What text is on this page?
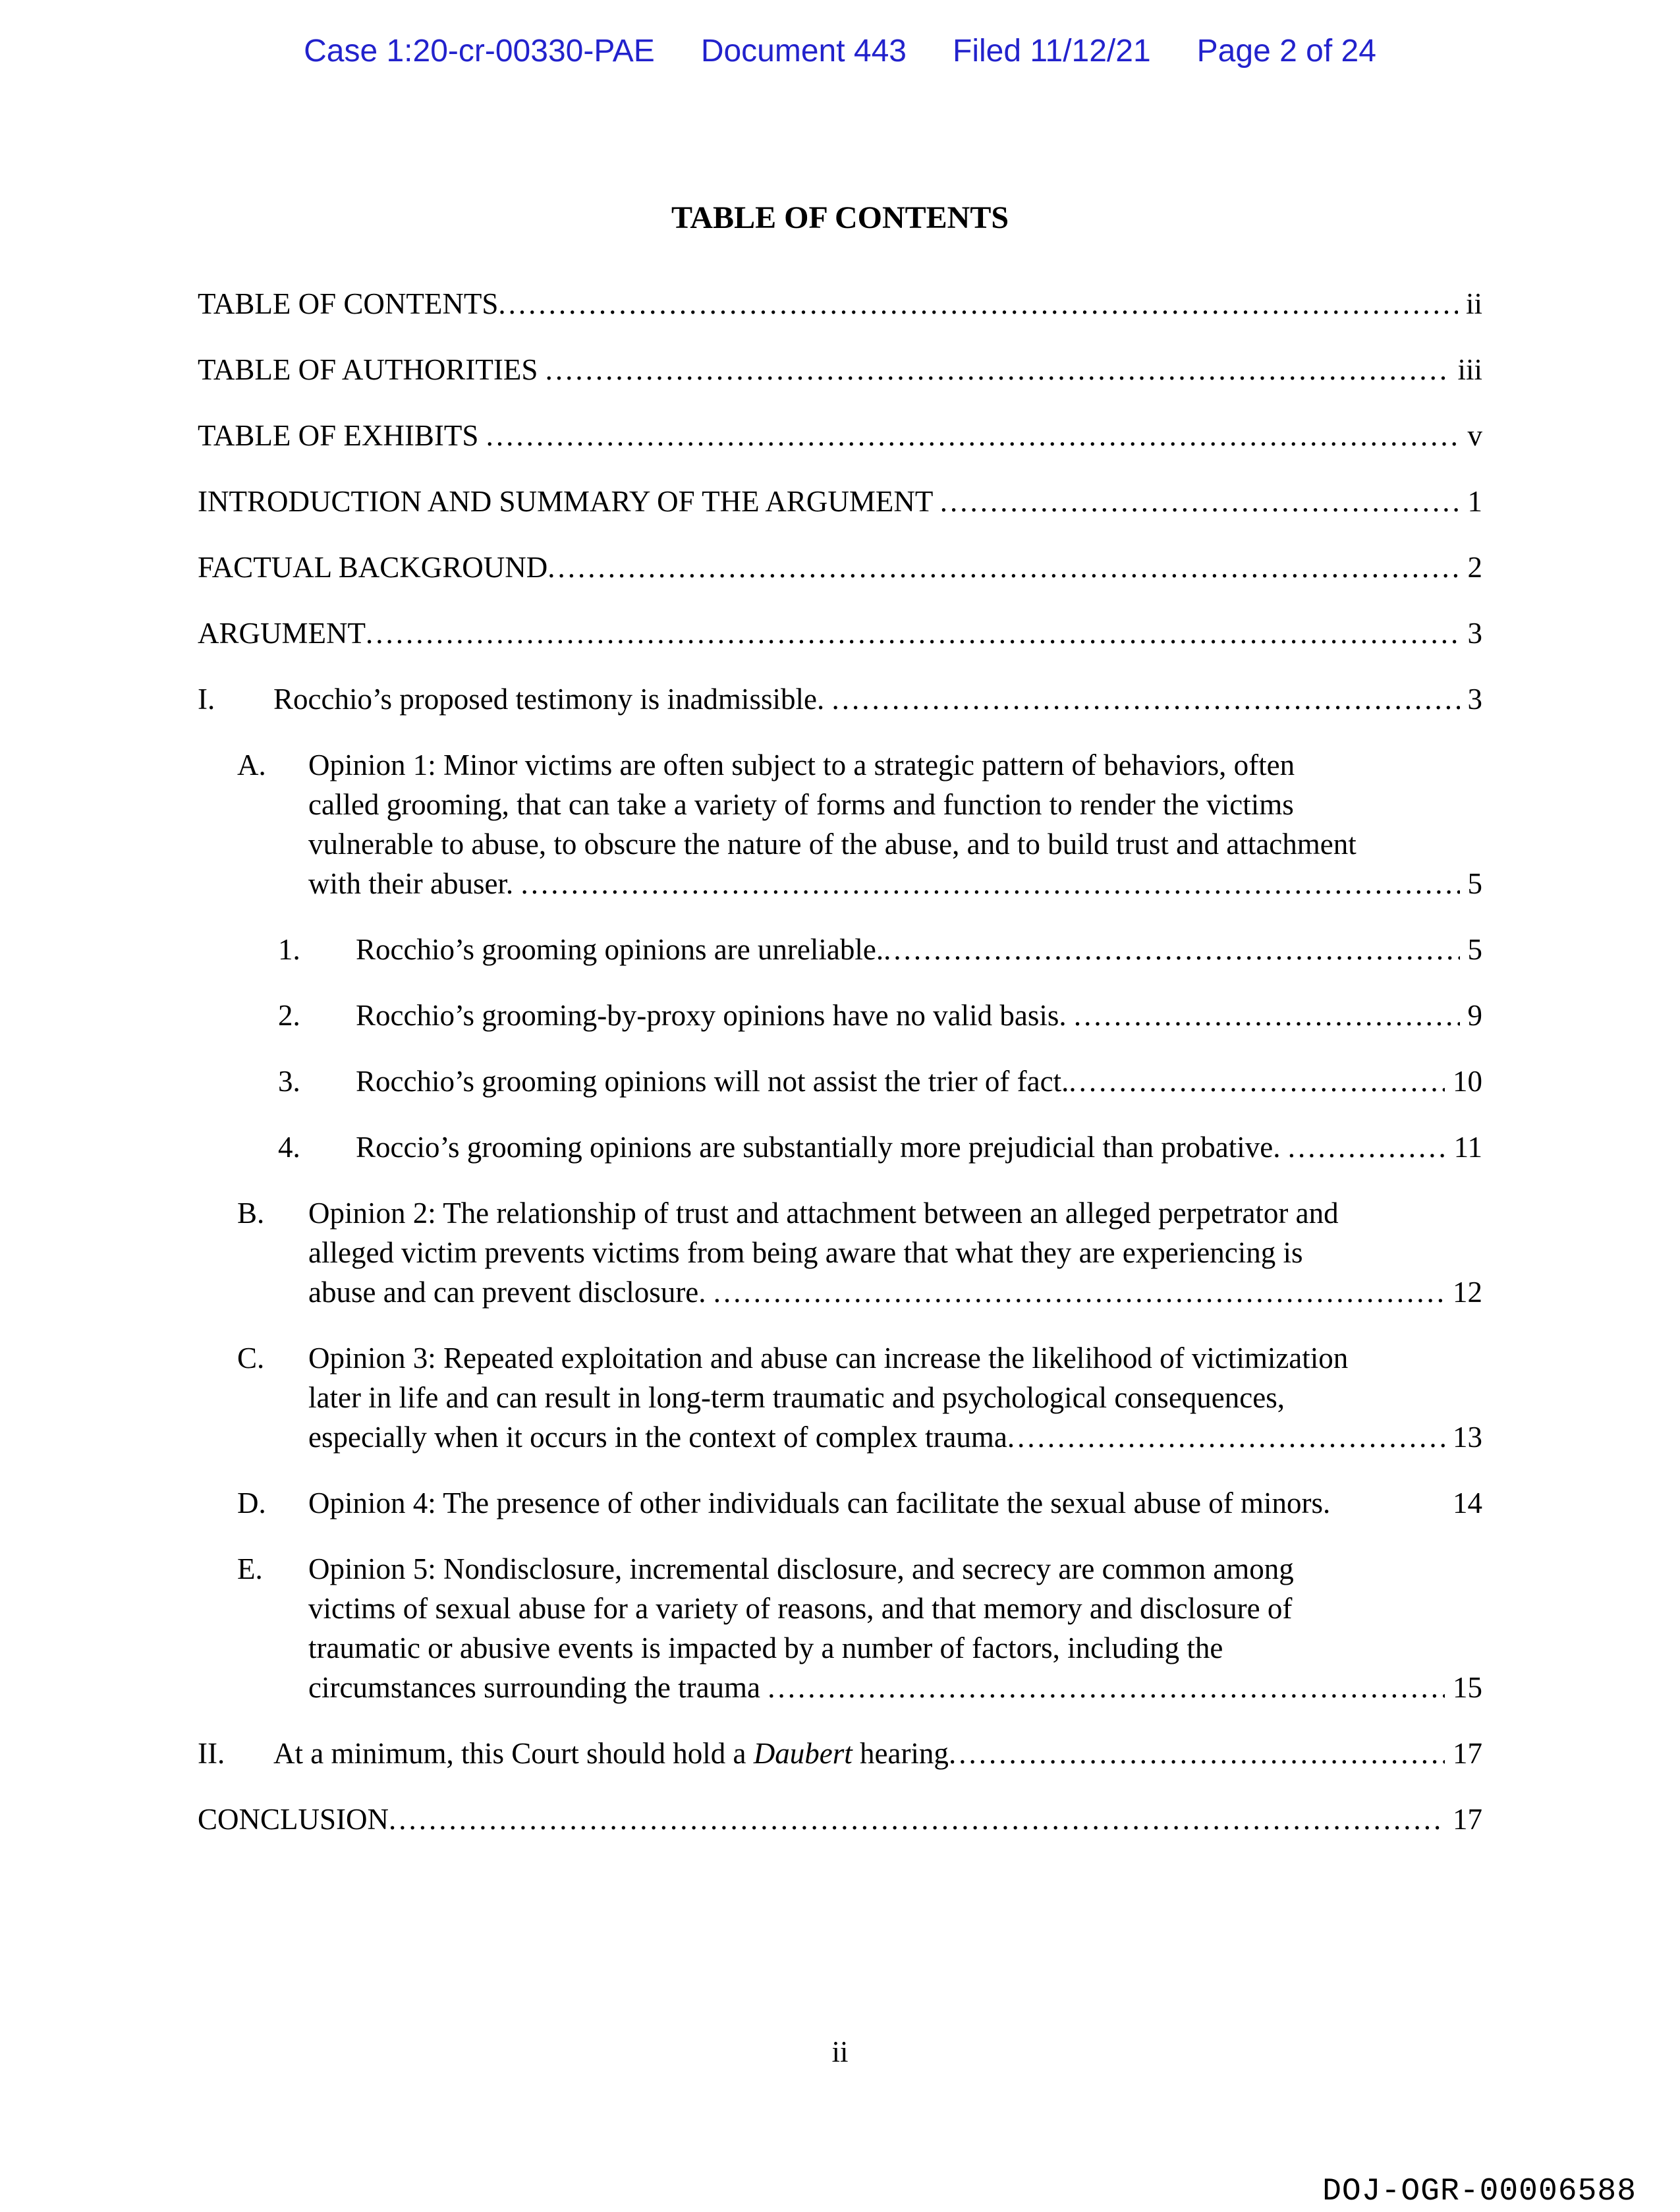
Case 1:20-cr-00330-PAE Document 443 Filed 11/12/21 Page 2 of 24
TABLE OF CONTENTS
TABLE OF CONTENTS .....	ii
TABLE OF AUTHORITIES .....	iii
TABLE OF EXHIBITS .....	v
INTRODUCTION AND SUMMARY OF THE ARGUMENT .....	1
FACTUAL BACKGROUND .....	2
ARGUMENT .....	3
I. Rocchio’s proposed testimony is inadmissible. .....	3
A. Opinion 1: Minor victims are often subject to a strategic pattern of behaviors, often
called grooming, that can take a variety of forms and function to render the victims
vulnerable to abuse, to obscure the nature of the abuse, and to build trust and attachment
with their abuser. .....	5
1. Rocchio’s grooming opinions are unreliable. .....	5
2. Rocchio’s grooming-by-proxy opinions have no valid basis. .....	9
3. Rocchio’s grooming opinions will not assist the trier of fact. .....	10
4. Roccio’s grooming opinions are substantially more prejudicial than probative. .....	11
B. Opinion 2: The relationship of trust and attachment between an alleged perpetrator and
alleged victim prevents victims from being aware that what they are experiencing is
abuse and can prevent disclosure. .....	12
C. Opinion 3: Repeated exploitation and abuse can increase the likelihood of victimization
later in life and can result in long-term traumatic and psychological consequences,
especially when it occurs in the context of complex trauma .....	13
D. Opinion 4: The presence of other individuals can facilitate the sexual abuse of minors.	14
E. Opinion 5: Nondisclosure, incremental disclosure, and secrecy are common among
victims of sexual abuse for a variety of reasons, and that memory and disclosure of
traumatic or abusive events is impacted by a number of factors, including the
circumstances surrounding the trauma .....	15
II. At a minimum, this Court should hold a Daubert hearing .....	17
CONCLUSION .....	17
ii
DOJ-OGR-00006588
